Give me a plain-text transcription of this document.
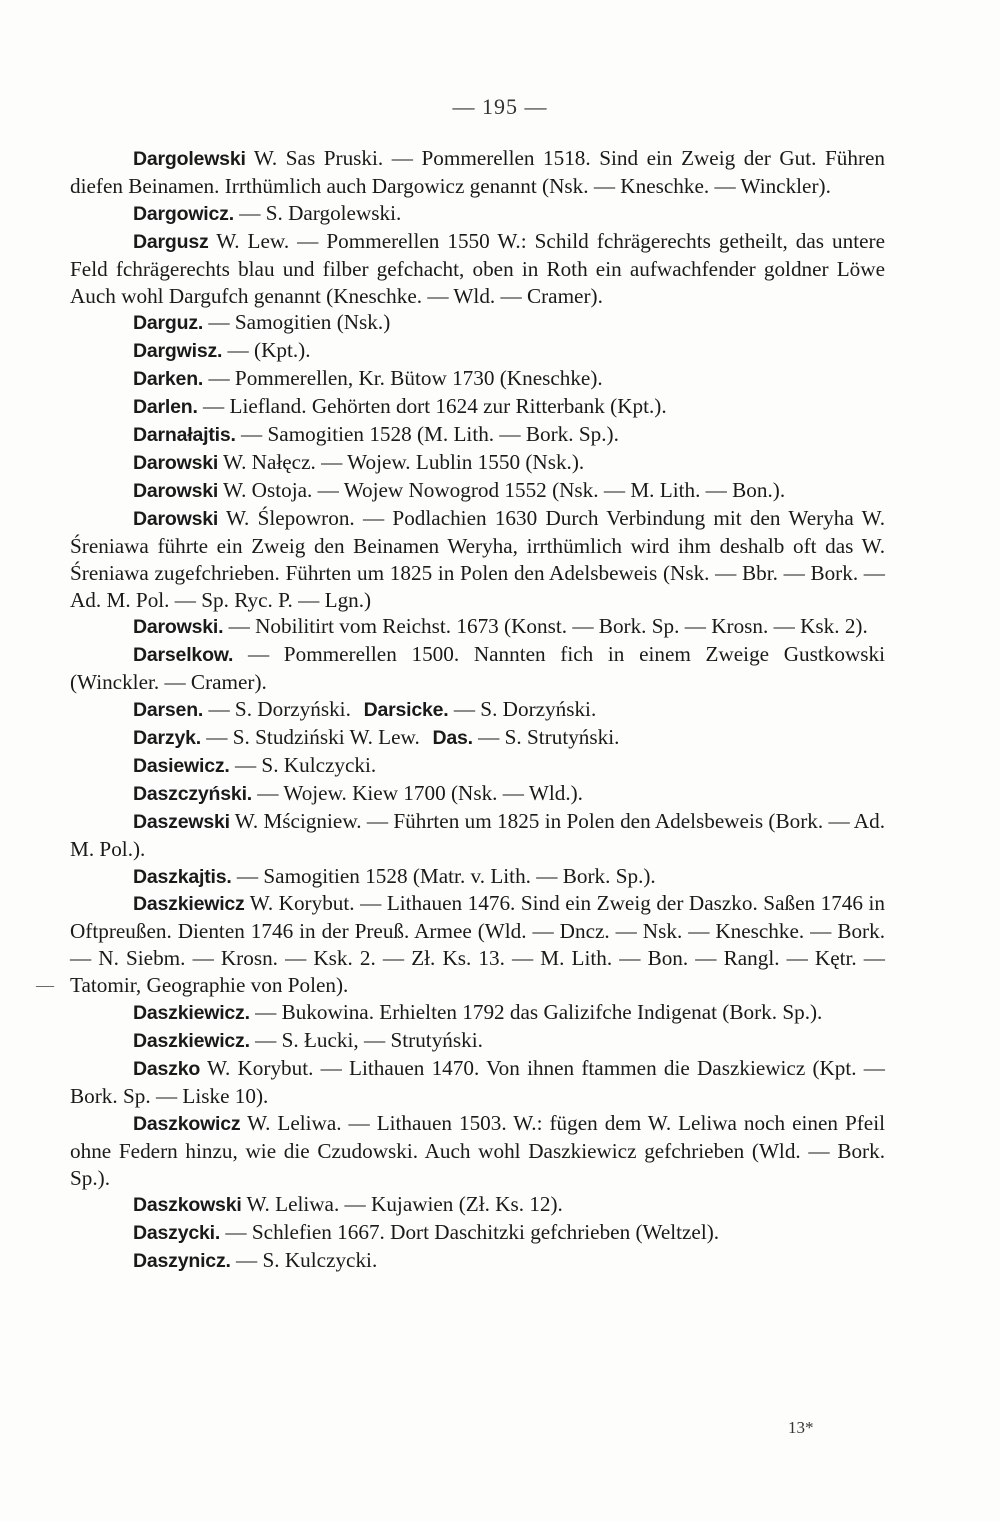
— 195 —

Dargolewski W. Sas Pruski. — Pommerellen 1518. Sind ein Zweig der Gut. Führen diefen Beinamen. Irrthümlich auch Dargowicz genannt (Nsk. — Kneschke. — Winckler).

Dargowicz. — S. Dargolewski.

Dargusz W. Lew. — Pommerellen 1550 W.: Schild fchrägerechts getheilt, das untere Feld fchrägerechts blau und filber gefchacht, oben in Roth ein aufwachfender goldner Löwe Auch wohl Dargufch genannt (Kneschke. — Wld. — Cramer).

Darguz. — Samogitien (Nsk.)

Dargwisz. — (Kpt.).

Darken. — Pommerellen, Kr. Bütow 1730 (Kneschke).

Darlen. — Liefland. Gehörten dort 1624 zur Ritterbank (Kpt.).

Darnałajtis. — Samogitien 1528 (M. Lith. — Bork. Sp.).

Darowski W. Nałęcz. — Wojew. Lublin 1550 (Nsk.).

Darowski W. Ostoja. — Wojew Nowogrod 1552 (Nsk. — M. Lith. — Bon.).

Darowski W. Ślepowron. — Podlachien 1630 Durch Verbindung mit den Weryha W. Śreniawa führte ein Zweig den Beinamen Weryha, irrthümlich wird ihm deshalb oft das W. Śreniawa zugefchrieben. Führten um 1825 in Polen den Adelsbeweis (Nsk. — Bbr. — Bork. — Ad. M. Pol. — Sp. Ryc. P. — Lgn.)

Darowski. — Nobilitirt vom Reichst. 1673 (Konst. — Bork. Sp. — Krosn. — Ksk. 2).

Darselkow. — Pommerellen 1500. Nannten fich in einem Zweige Gustkowski (Winckler. — Cramer).

Darsen. — S. Dorzyński. Darsicke. — S. Dorzyński.

Darzyk. — S. Studziński W. Lew. Das. — S. Strutyński.

Dasiewicz. — S. Kulczycki.

Daszczyński. — Wojew. Kiew 1700 (Nsk. — Wld.).

Daszewski W. Mścigniew. — Führten um 1825 in Polen den Adelsbeweis (Bork. — Ad. M. Pol.).

Daszkajtis. — Samogitien 1528 (Matr. v. Lith. — Bork. Sp.).

Daszkiewicz W. Korybut. — Lithauen 1476. Sind ein Zweig der Daszko. Saßen 1746 in Oftpreußen. Dienten 1746 in der Preuß. Armee (Wld. — Dncz. — Nsk. — Kneschke. — Bork. — N. Siebm. — Krosn. — Ksk. 2. — Zł. Ks. 13. — M. Lith. — Bon. — Rangl. — Kętr. — Tatomir, Geographie von Polen).

Daszkiewicz. — Bukowina. Erhielten 1792 das Galizifche Indigenat (Bork. Sp.).

Daszkiewicz. — S. Łucki, — Strutyński.

Daszko W. Korybut. — Lithauen 1470. Von ihnen ftammen die Daszkiewicz (Kpt. — Bork. Sp. — Liske 10).

Daszkowicz W. Leliwa. — Lithauen 1503. W.: fügen dem W. Leliwa noch einen Pfeil ohne Federn hinzu, wie die Czudowski. Auch wohl Daszkiewicz gefchrieben (Wld. — Bork. Sp.).

Daszkowski W. Leliwa. — Kujawien (Zł. Ks. 12).

Daszycki. — Schlefien 1667. Dort Daschitzki gefchrieben (Weltzel).

Daszynicz. — S. Kulczycki.

—
13*
